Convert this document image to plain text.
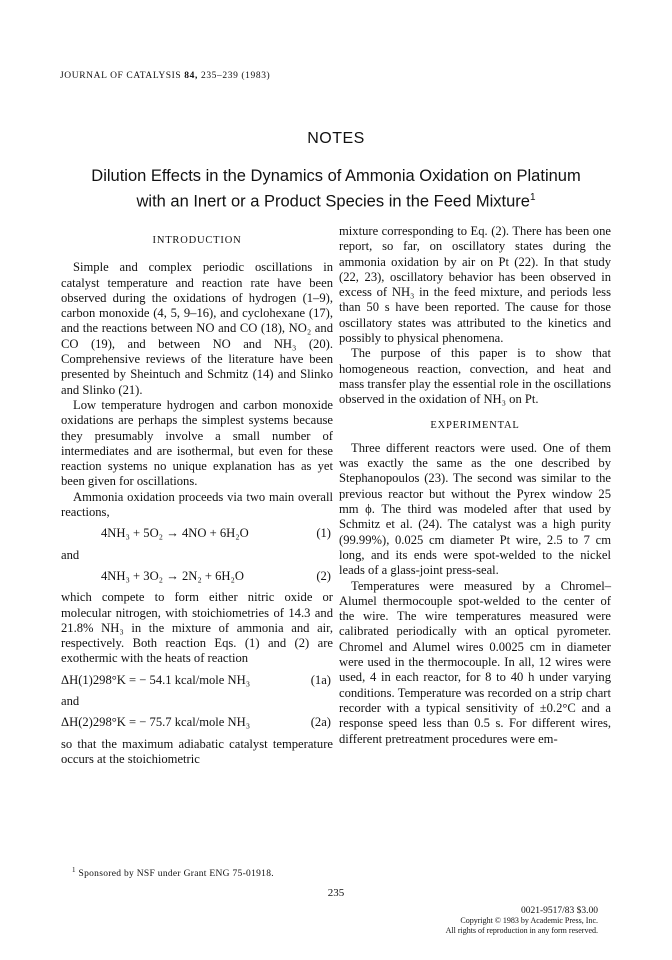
JOURNAL OF CATALYSIS 84, 235–239 (1983)
NOTES
Dilution Effects in the Dynamics of Ammonia Oxidation on Platinum
with an Inert or a Product Species in the Feed Mixture$^1$
INTRODUCTION

Simple and complex periodic oscillations in catalyst temperature and reaction rate have been observed during the oxidations of hydrogen (1–9), carbon monoxide (4, 5, 9–16), and cyclohexane (17), and the reactions between NO and CO (18), NO₂ and CO (19), and between NO and NH₃ (20). Comprehensive reviews of the literature have been presented by Sheintuch and Schmitz (14) and Slinko and Slinko (21).

Low temperature hydrogen and carbon monoxide oxidations are perhaps the simplest systems because they presumably involve a small number of intermediates and are isothermal, but even for these reaction systems no unique explanation has as yet been given for oscillations.

Ammonia oxidation proceeds via two main overall reactions,

4NH₃ + 5O₂ → 4NO + 6H₂O	(1)

and

4NH₃ + 3O₂ → 2N₂ + 6H₂O	(2)

which compete to form either nitric oxide or molecular nitrogen, with stoichiometries of 14.3 and 21.8% NH₃ in the mixture of ammonia and air, respectively. Both reaction Eqs. (1) and (2) are exothermic with the heats of reaction

ΔH(1)298°K = − 54.1 kcal/mole NH₃	(1a)

and

ΔH(2)298°K = − 75.7 kcal/mole NH₃	(2a)

so that the maximum adiabatic catalyst temperature occurs at the stoichiometric

mixture corresponding to Eq. (2). There has been one report, so far, on oscillatory states during the ammonia oxidation by air on Pt (22). In that study (22, 23), oscillatory behavior has been observed in excess of NH₃ in the feed mixture, and periods less than 50 s have been reported. The cause for those oscillatory states was attributed to the kinetics and possibly to physical phenomena.

The purpose of this paper is to show that homogeneous reaction, convection, and heat and mass transfer play the essential role in the oscillations observed in the oxidation of NH₃ on Pt.

EXPERIMENTAL

Three different reactors were used. One of them was exactly the same as the one described by Stephanopoulos (23). The second was similar to the previous reactor but without the Pyrex window 25 mm ϕ. The third was modeled after that used by Schmitz et al. (24). The catalyst was a high purity (99.99%), 0.025 cm diameter Pt wire, 2.5 to 7 cm long, and its ends were spot-welded to the nickel leads of a glass-joint press-seal.

Temperatures were measured by a Chromel–Alumel thermocouple spot-welded to the center of the wire. The wire temperatures measured were calibrated periodically with an optical pyrometer. Chromel and Alumel wires 0.0025 cm in diameter were used in the thermocouple. In all, 12 wires were used, 4 in each reactor, for 8 to 40 h under varying conditions. Temperature was recorded on a strip chart recorder with a typical sensitivity of ±0.2°C and a response speed less than 0.5 s. For different wires, different pretreatment procedures were em-

$^1$ Sponsored by NSF under Grant ENG 75-01918.
235
0021-9517/83 $3.00
Copyright © 1983 by Academic Press, Inc.
All rights of reproduction in any form reserved.
